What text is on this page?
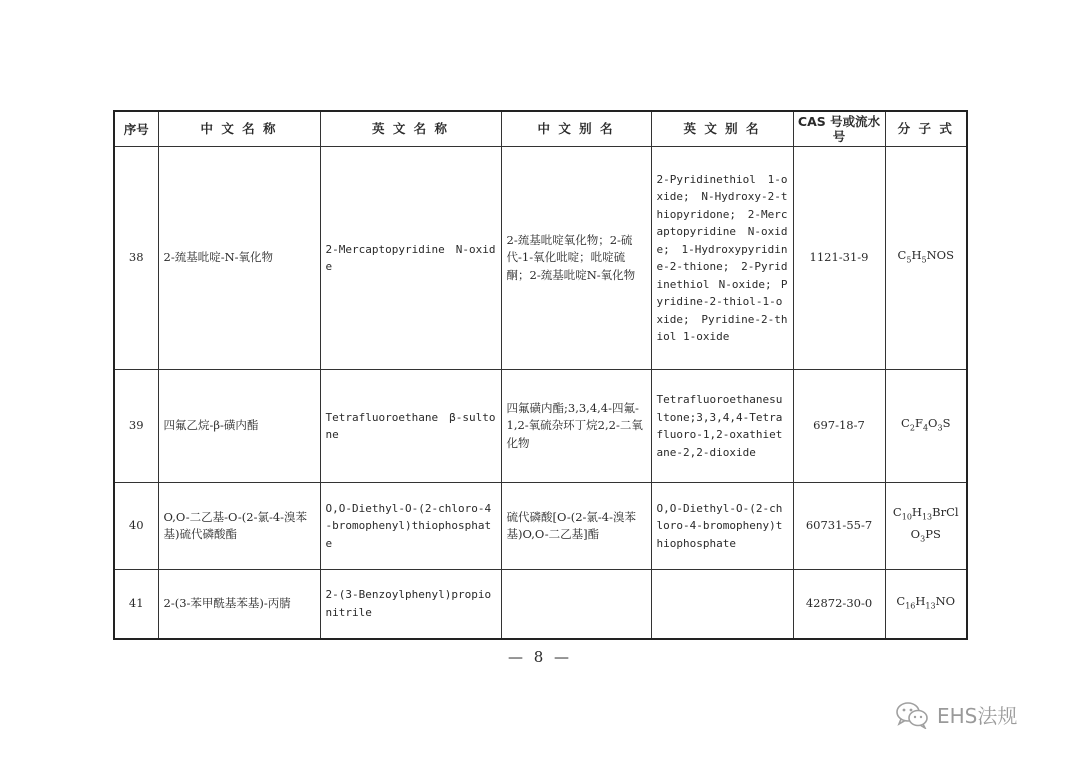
序号	中 文 名 称	英 文 名 称	中 文 别 名	英 文 别 名	CAS 号或流水号	分 子 式
38	2-巯基吡啶-N-氧化物	2-Mercaptopyridine N-oxide	2-巯基吡啶氧化物；2-硫代-1-氧化吡啶；吡啶硫酮；2-巯基吡啶N-氧化物	2-Pyridinethiol 1-oxide; N-Hydroxy-2-thiopyridone; 2-Mercaptopyridine N-oxide; 1-Hydroxypyridine-2-thione; 2-Pyridinethiol N-oxide; Pyridine-2-thiol-1-oxide; Pyridine-2-thiol 1-oxide	1121-31-9	$C_5H_5NOS$
39	四氟乙烷-β-磺内酯	Tetrafluoroethane β-sultone	四氟磺内酯;3,3,4,4-四氟-1,2-氧硫杂环丁烷2,2-二氧化物	Tetrafluoroethanesultone;3,3,4,4-Tetrafluoro-1,2-oxathietane-2,2-dioxide	697-18-7	$C_2F_4O_3S$
40	O,O-二乙基-O-(2-氯-4-溴苯基)硫代磷酸酯	O,O-Diethyl-O-(2-chloro-4-bromophenyl)thiophosphate	硫代磷酸[O-(2-氯-4-溴苯基)O,O-二乙基]酯	O,O-Diethyl-O-(2-chloro-4-bromopheny)thiophosphate	60731-55-7	$C_{10}H_{13}BrClO_3PS$
41	2-(3-苯甲酰基苯基)-丙腈	2-(3-Benzoylphenyl)propionitrile			42872-30-0	$C_{16}H_{13}NO$
— 8 —
EHS法规
